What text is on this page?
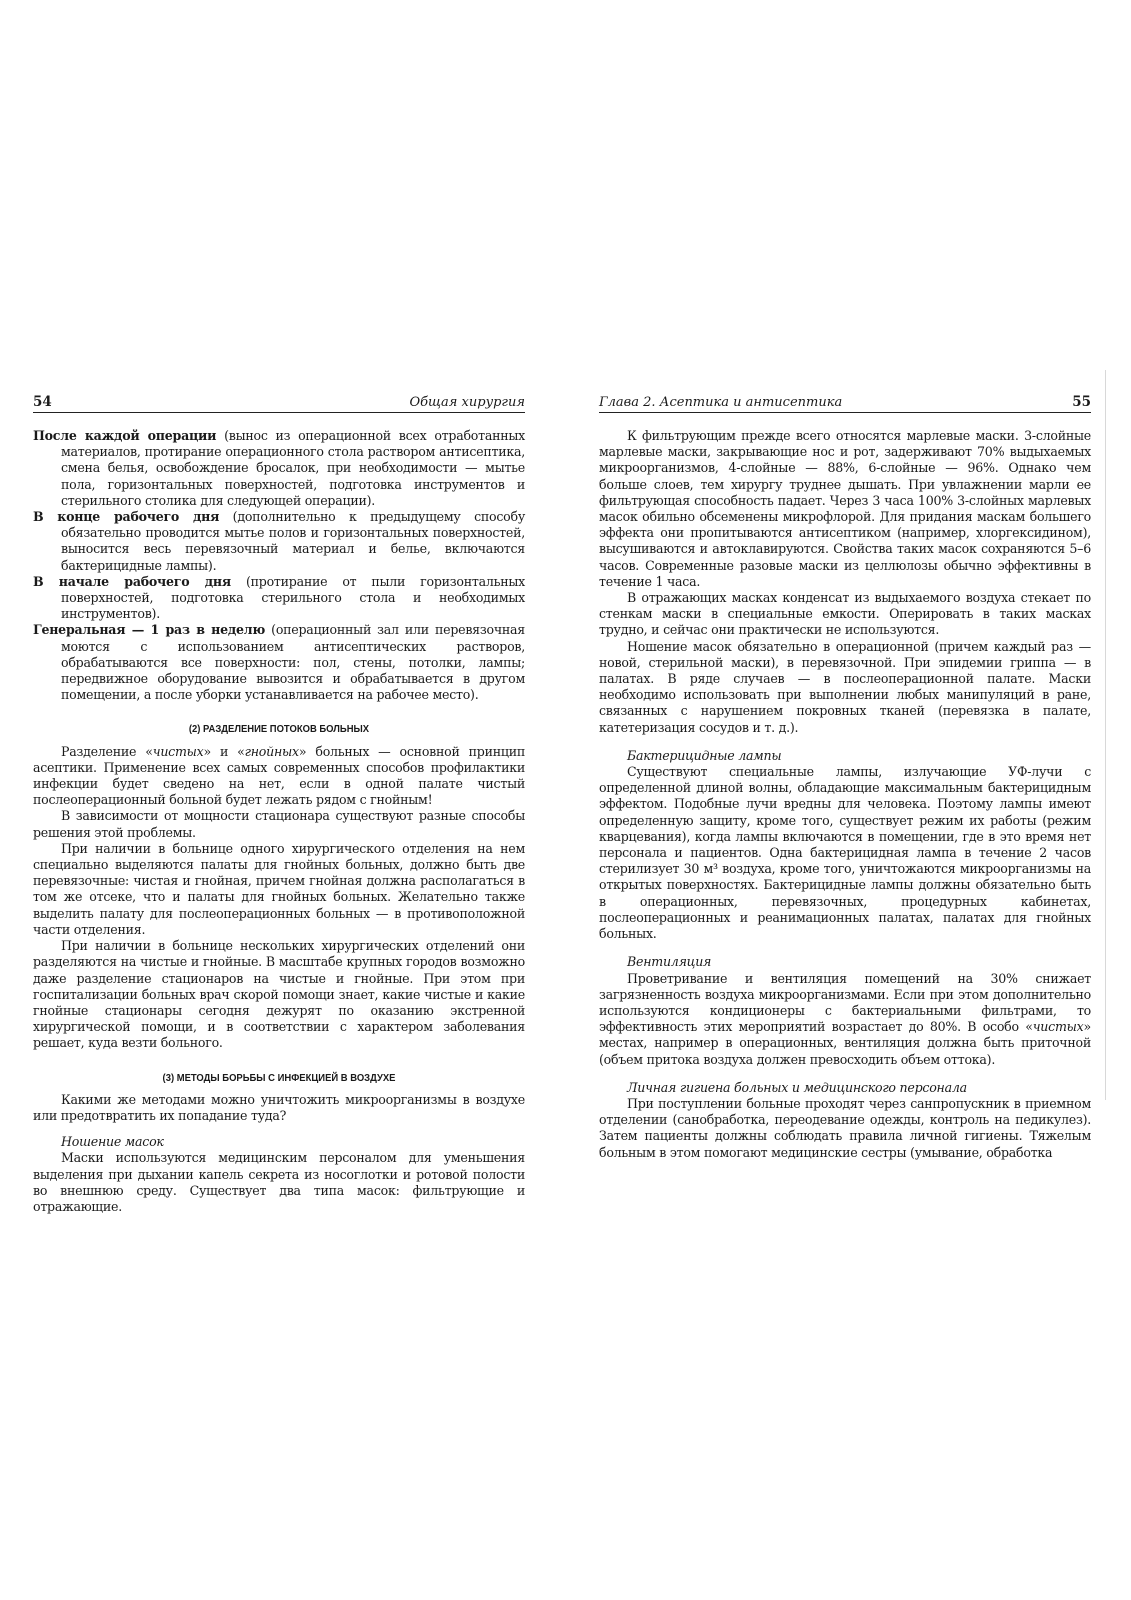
54	Общая хирургия

После каждой операции (вынос из операционной всех отработанных материалов, протирание операционного стола раствором антисептика, смена белья, освобождение бросалок, при необходимости — мытье пола, горизонтальных поверхностей, подготовка инструментов и стерильного столика для следующей операции).

В конце рабочего дня (дополнительно к предыдущему способу обязательно проводится мытье полов и горизонтальных поверхностей, выносится весь перевязочный материал и белье, включаются бактерицидные лампы).

В начале рабочего дня (протирание от пыли горизонтальных поверхностей, подготовка стерильного стола и необходимых инструментов).

Генеральная — 1 раз в неделю (операционный зал или перевязочная моются с использованием антисептических растворов, обрабатываются все поверхности: пол, стены, потолки, лампы; передвижное оборудование вывозится и обрабатывается в другом помещении, а после уборки устанавливается на рабочее место).

(2) РАЗДЕЛЕНИЕ ПОТОКОВ БОЛЬНЫХ

Разделение «чистых» и «гнойных» больных — основной принцип асептики. Применение всех самых современных способов профилактики инфекции будет сведено на нет, если в одной палате чистый послеоперационный больной будет лежать рядом с гнойным!

В зависимости от мощности стационара существуют разные способы решения этой проблемы.

При наличии в больнице одного хирургического отделения на нем специально выделяются палаты для гнойных больных, должно быть две перевязочные: чистая и гнойная, причем гнойная должна располагаться в том же отсеке, что и палаты для гнойных больных. Желательно также выделить палату для послеоперационных больных — в противоположной части отделения.

При наличии в больнице нескольких хирургических отделений они разделяются на чистые и гнойные. В масштабе крупных городов возможно даже разделение стационаров на чистые и гнойные. При этом при госпитализации больных врач скорой помощи знает, какие чистые и какие гнойные стационары сегодня дежурят по оказанию экстренной хирургической помощи, и в соответствии с характером заболевания решает, куда везти больного.

(3) МЕТОДЫ БОРЬБЫ С ИНФЕКЦИЕЙ В ВОЗДУХЕ

Какими же методами можно уничтожить микроорганизмы в воздухе или предотвратить их попадание туда?

Ношение масок

Маски используются медицинским персоналом для уменьшения выделения при дыхании капель секрета из носоглотки и ротовой полости во внешнюю среду. Существует два типа масок: фильтрующие и отражающие.

Глава 2. Асептика и антисептика	55

К фильтрующим прежде всего относятся марлевые маски. 3-слойные марлевые маски, закрывающие нос и рот, задерживают 70% выдыхаемых микроорганизмов, 4-слойные — 88%, 6-слойные — 96%. Однако чем больше слоев, тем хирургу труднее дышать. При увлажнении марли ее фильтрующая способность падает. Через 3 часа 100% 3-слойных марлевых масок обильно обсеменены микрофлорой. Для придания маскам большего эффекта они пропитываются антисептиком (например, хлоргексидином), высушиваются и автоклавируются. Свойства таких масок сохраняются 5–6 часов. Современные разовые маски из целлюлозы обычно эффективны в течение 1 часа.

В отражающих масках конденсат из выдыхаемого воздуха стекает по стенкам маски в специальные емкости. Оперировать в таких масках трудно, и сейчас они практически не используются.

Ношение масок обязательно в операционной (причем каждый раз — новой, стерильной маски), в перевязочной. При эпидемии гриппа — в палатах. В ряде случаев — в послеоперационной палате. Маски необходимо использовать при выполнении любых манипуляций в ране, связанных с нарушением покровных тканей (перевязка в палате, катетеризация сосудов и т. д.).

Бактерицидные лампы

Существуют специальные лампы, излучающие УФ-лучи с определенной длиной волны, обладающие максимальным бактерицидным эффектом. Подобные лучи вредны для человека. Поэтому лампы имеют определенную защиту, кроме того, существует режим их работы (режим кварцевания), когда лампы включаются в помещении, где в это время нет персонала и пациентов. Одна бактерицидная лампа в течение 2 часов стерилизует 30 м³ воздуха, кроме того, уничтожаются микроорганизмы на открытых поверхностях. Бактерицидные лампы должны обязательно быть в операционных, перевязочных, процедурных кабинетах, послеоперационных и реанимационных палатах, палатах для гнойных больных.

Вентиляция

Проветривание и вентиляция помещений на 30% снижает загрязненность воздуха микроорганизмами. Если при этом дополнительно используются кондиционеры с бактериальными фильтрами, то эффективность этих мероприятий возрастает до 80%. В особо «чистых» местах, например в операционных, вентиляция должна быть приточной (объем притока воздуха должен превосходить объем оттока).

Личная гигиена больных и медицинского персонала

При поступлении больные проходят через санпропускник в приемном отделении (санобработка, переодевание одежды, контроль на педикулез). Затем пациенты должны соблюдать правила личной гигиены. Тяжелым больным в этом помогают медицинские сестры (умывание, обработка
